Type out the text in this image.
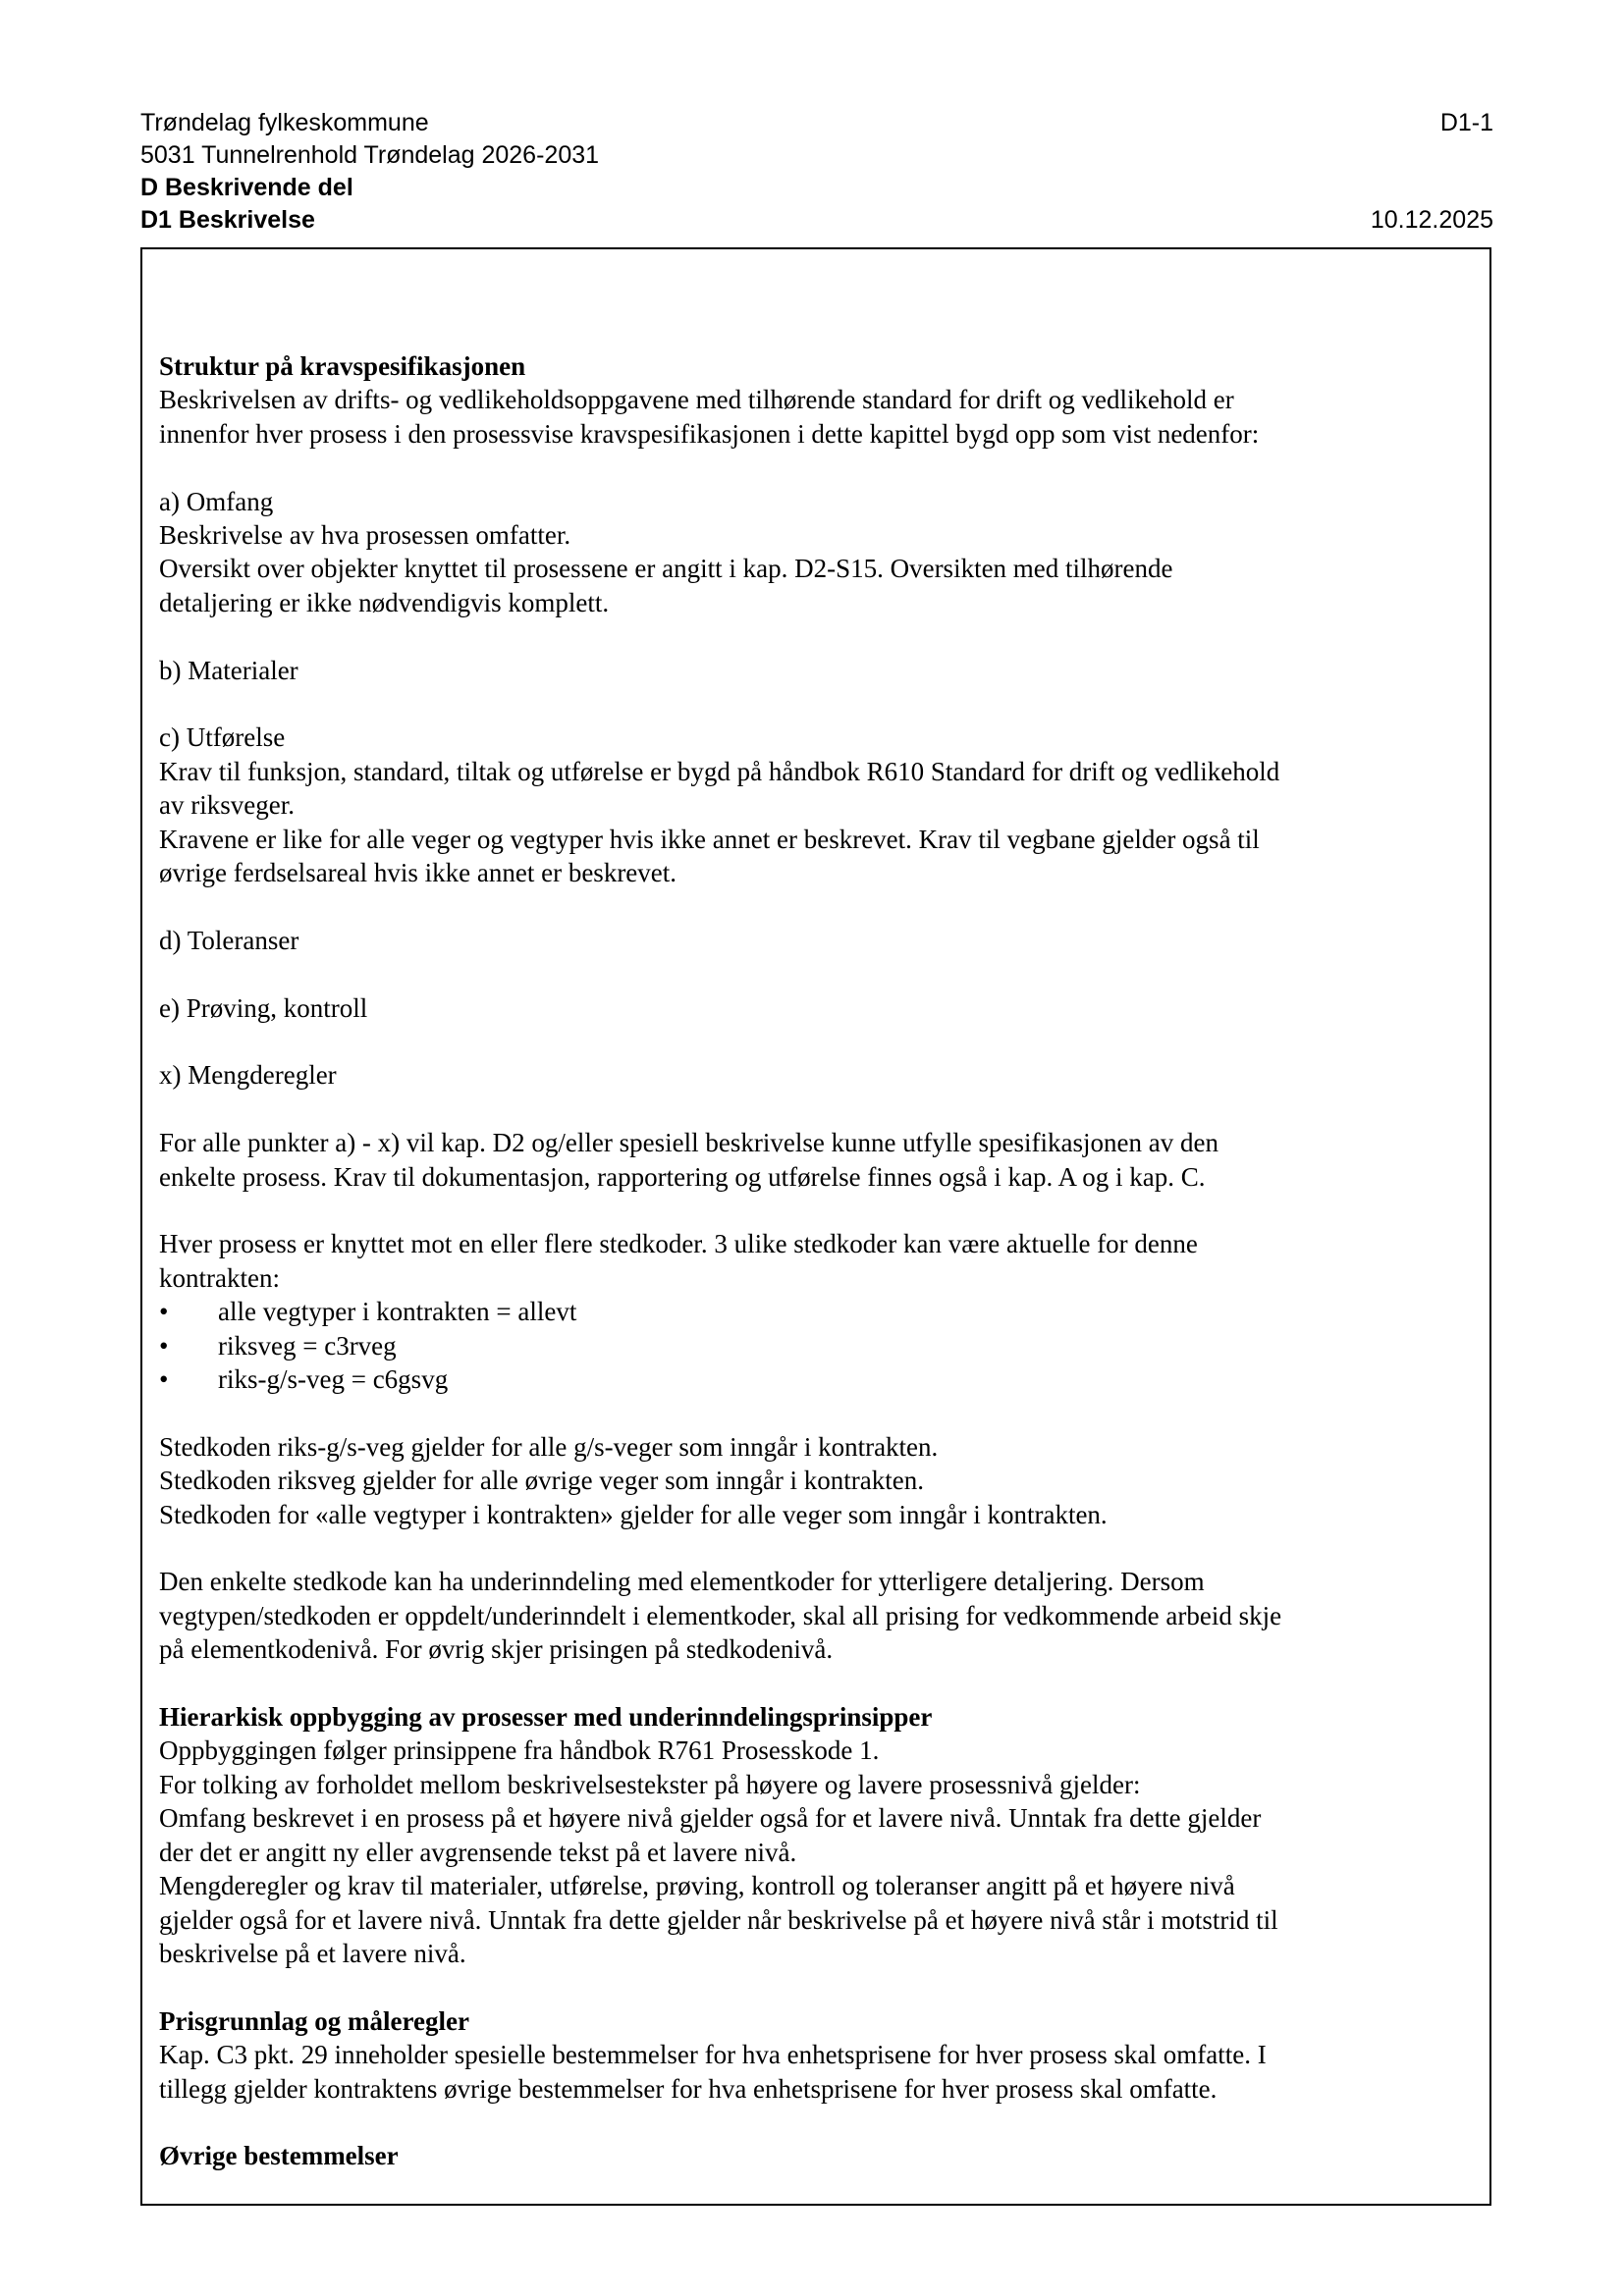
Trøndelag fylkeskommune	D1-1
5031 Tunnelrenhold Trøndelag 2026-2031
D Beskrivende del
D1 Beskrivelse	10.12.2025

Struktur på kravspesifikasjonen

Beskrivelsen av drifts- og vedlikeholdsoppgavene med tilhørende standard for drift og vedlikehold er

innenfor hver prosess i den prosessvise kravspesifikasjonen i dette kapittel bygd opp som vist nedenfor:

a) Omfang

Beskrivelse av hva prosessen omfatter.

Oversikt over objekter knyttet til prosessene er angitt i kap. D2-S15. Oversikten med tilhørende

detaljering er ikke nødvendigvis komplett.

b) Materialer

c) Utførelse

Krav til funksjon, standard, tiltak og utførelse er bygd på håndbok R610 Standard for drift og vedlikehold

av riksveger.

Kravene er like for alle veger og vegtyper hvis ikke annet er beskrevet. Krav til vegbane gjelder også til

øvrige ferdselsareal hvis ikke annet er beskrevet.

d) Toleranser

e) Prøving, kontroll

x) Mengderegler

For alle punkter a) - x) vil kap. D2 og/eller spesiell beskrivelse kunne utfylle spesifikasjonen av den

enkelte prosess. Krav til dokumentasjon, rapportering og utførelse finnes også i kap. A og i kap. C.

Hver prosess er knyttet mot en eller flere stedkoder. 3 ulike stedkoder kan være aktuelle for denne

kontrakten:

•	alle vegtyper i kontrakten = allevt
•	riksveg = c3rveg
•	riks-g/s-veg = c6gsvg

Stedkoden riks-g/s-veg gjelder for alle g/s-veger som inngår i kontrakten.

Stedkoden riksveg gjelder for alle øvrige veger som inngår i kontrakten.

Stedkoden for «alle vegtyper i kontrakten» gjelder for alle veger som inngår i kontrakten.

Den enkelte stedkode kan ha underinndeling med elementkoder for ytterligere detaljering. Dersom

vegtypen/stedkoden er oppdelt/underinndelt i elementkoder, skal all prising for vedkommende arbeid skje

på elementkodenivå. For øvrig skjer prisingen på stedkodenivå.

Hierarkisk oppbygging av prosesser med underinndelingsprinsipper

Oppbyggingen følger prinsippene fra håndbok R761 Prosesskode 1.

For tolking av forholdet mellom beskrivelsestekster på høyere og lavere prosessnivå gjelder:

Omfang beskrevet i en prosess på et høyere nivå gjelder også for et lavere nivå. Unntak fra dette gjelder

der det er angitt ny eller avgrensende tekst på et lavere nivå.

Mengderegler og krav til materialer, utførelse, prøving, kontroll og toleranser angitt på et høyere nivå

gjelder også for et lavere nivå. Unntak fra dette gjelder når beskrivelse på et høyere nivå står i motstrid til

beskrivelse på et lavere nivå.

Prisgrunnlag og måleregler

Kap. C3 pkt. 29 inneholder spesielle bestemmelser for hva enhetsprisene for hver prosess skal omfatte. I

tillegg gjelder kontraktens øvrige bestemmelser for hva enhetsprisene for hver prosess skal omfatte.

Øvrige bestemmelser
